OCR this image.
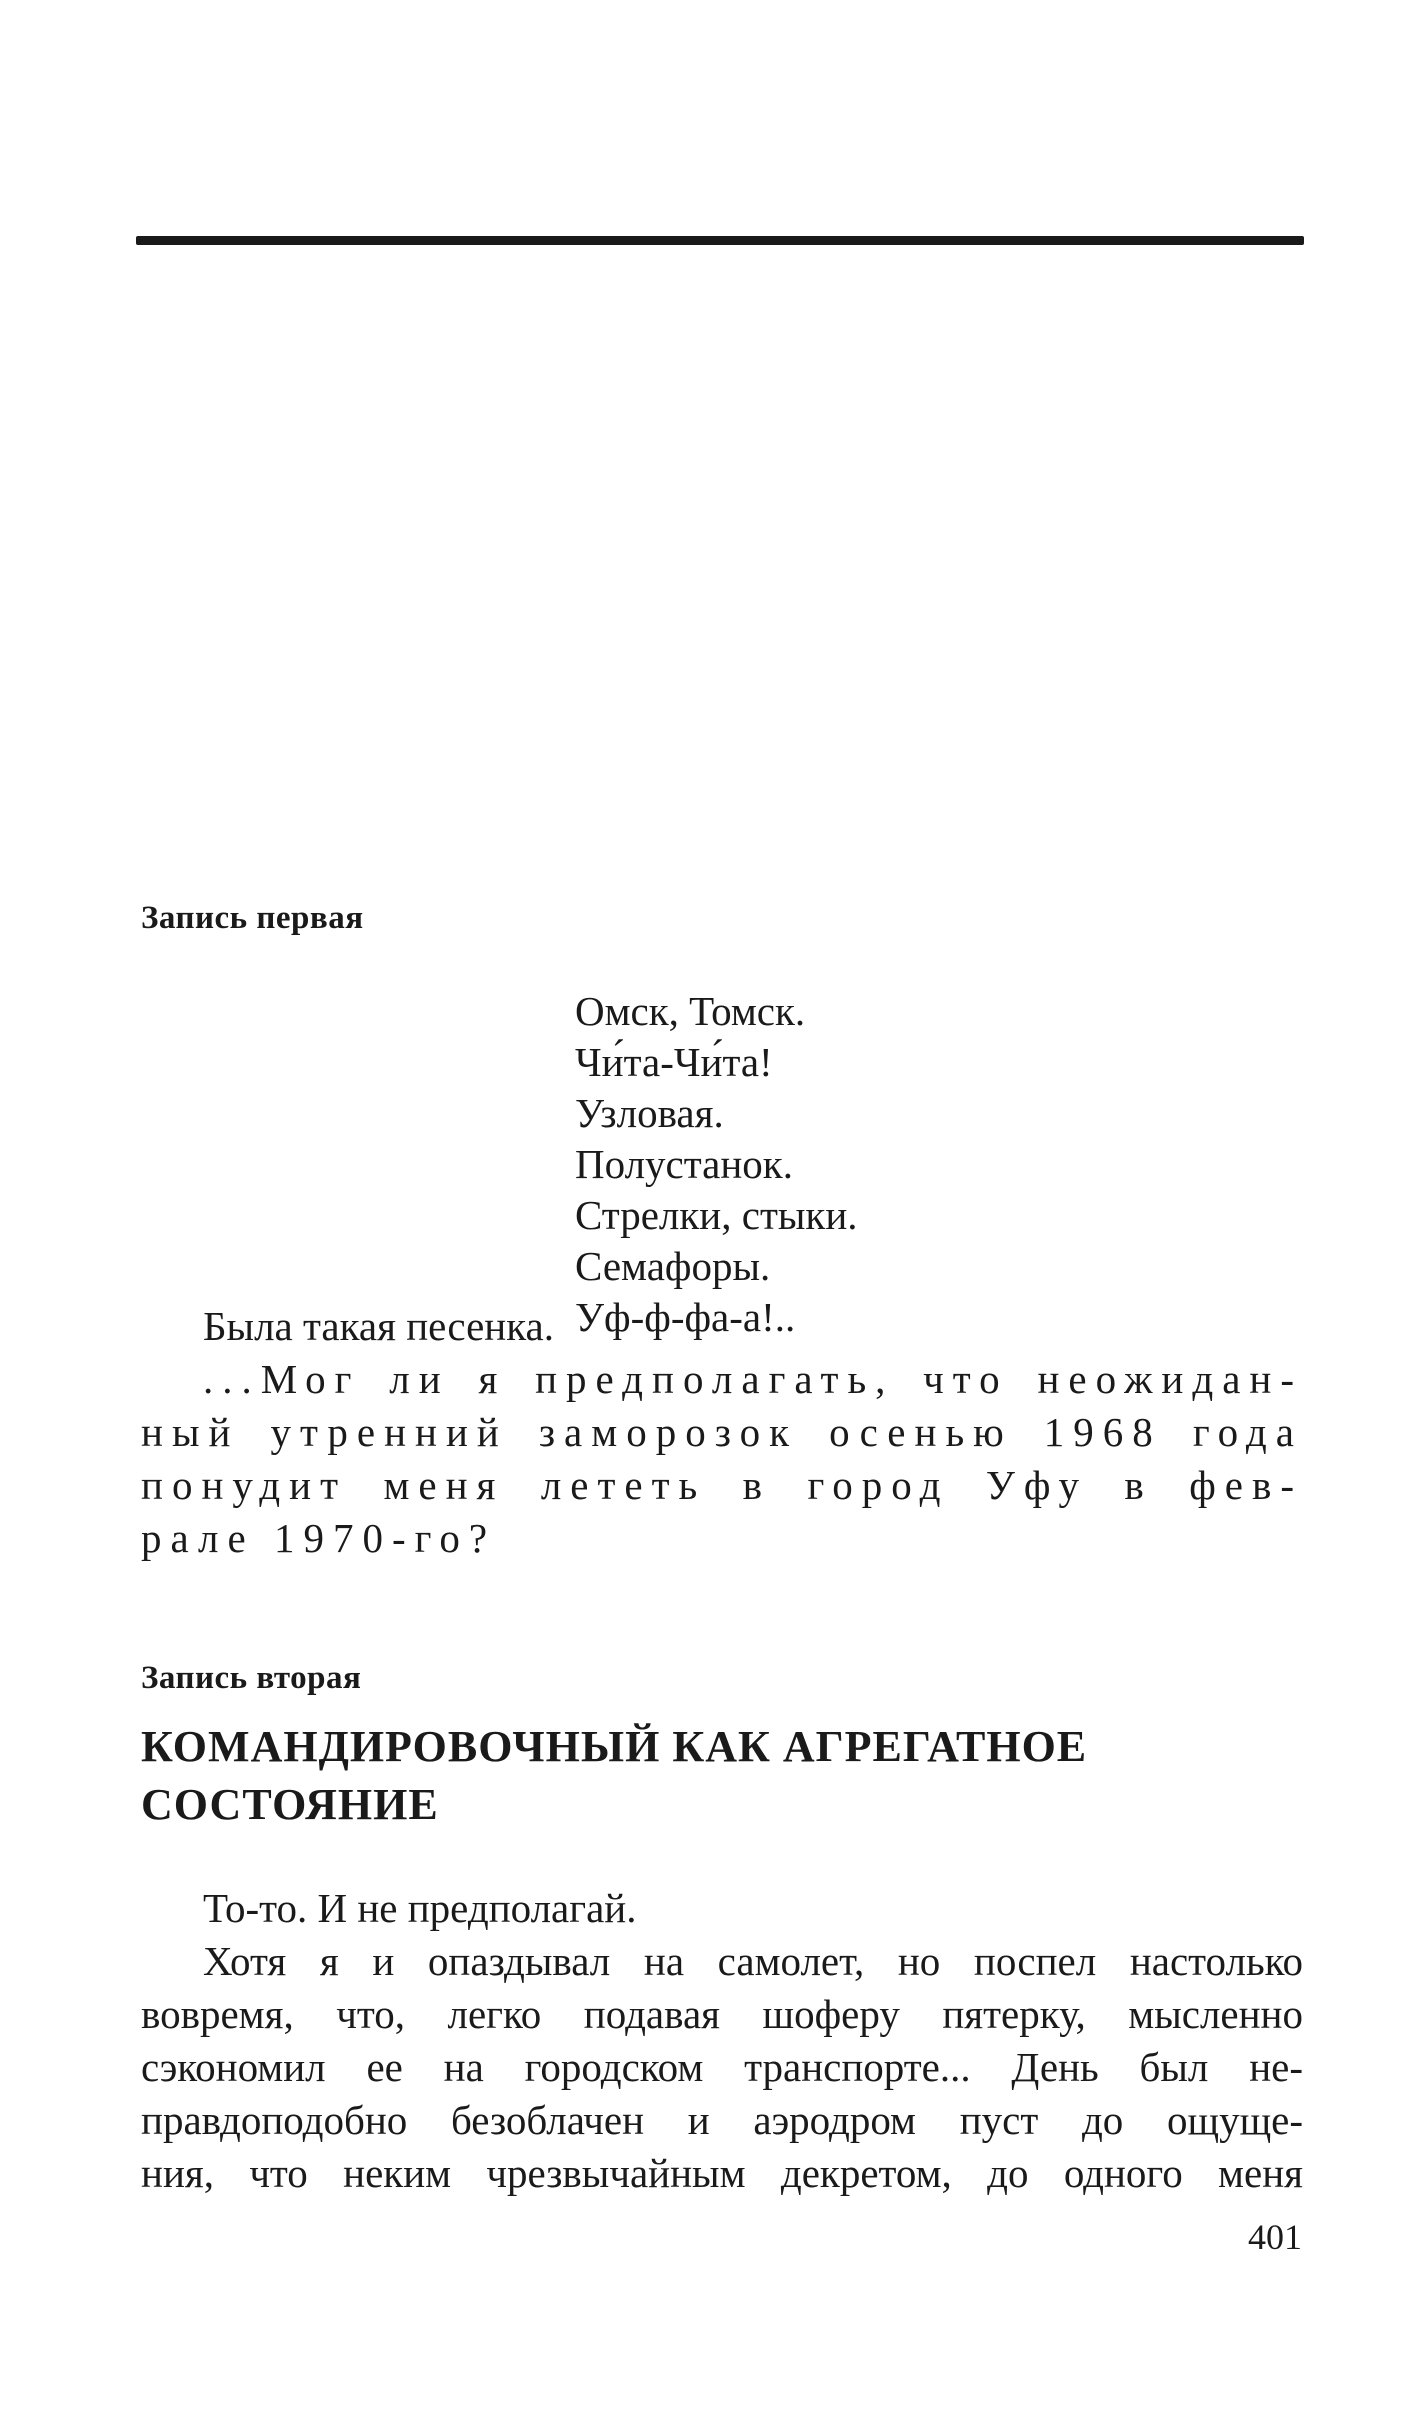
Запись первая
Омск, Томск.
Чи́та-Чи́та!
Узловая.
Полустанок.
Стрелки, стыки.
Семафоры.
Уф-ф-фа-а!..
Была такая песенка.
...Мог ли я предполагать, что неожидан-
ный утренний заморозок осенью 1968 года
понудит меня лететь в город Уфу в фев-
рале 1970-го?
Запись вторая
КОМАНДИРОВОЧНЫЙ КАК АГРЕГАТНОЕ
СОСТОЯНИЕ
То-то. И не предполагай.
Хотя я и опаздывал на самолет, но поспел настолько
вовремя, что, легко подавая шоферу пятерку, мысленно
сэкономил ее на городском транспорте... День был не-
правдоподобно безоблачен и аэродром пуст до ощуще-
ния, что неким чрезвычайным декретом, до одного меня
401
